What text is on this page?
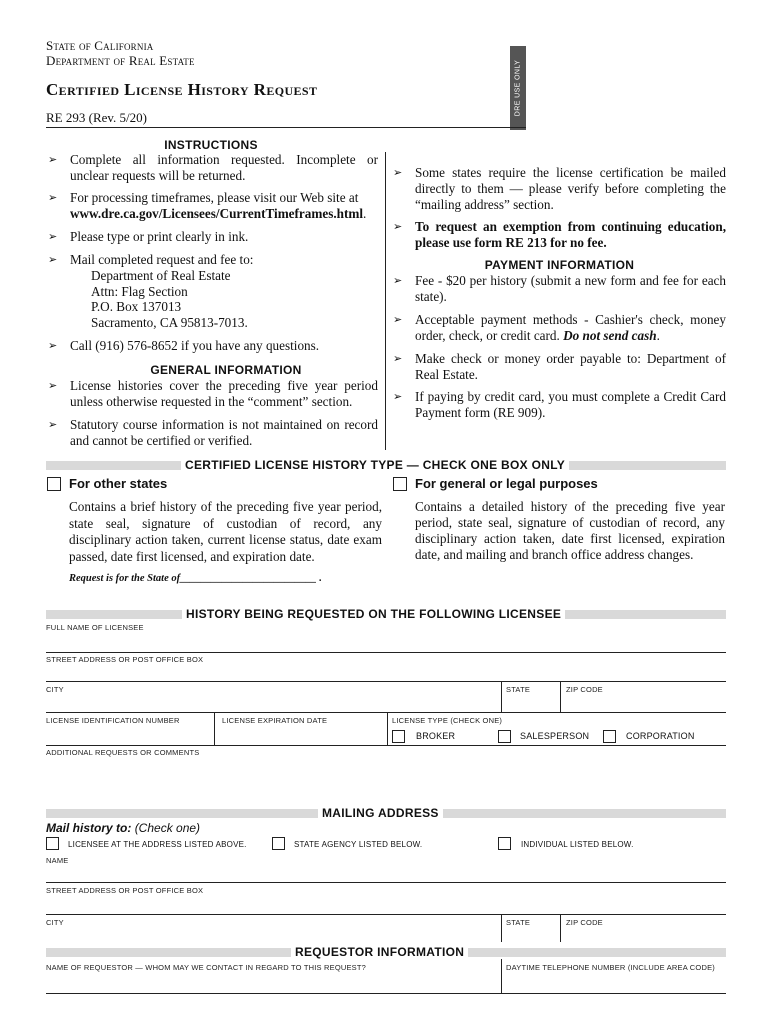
State of California
Department of Real Estate
Certified License History Request
RE 293 (Rev. 5/20)
DRE USE ONLY
INSTRUCTIONS
➢ Complete all information requested. Incomplete or unclear requests will be returned.
➢ For processing timeframes, please visit our Web site at
www.dre.ca.gov/Licensees/CurrentTimeframes.html.
➢ Please type or print clearly in ink.
➢ Mail completed request and fee to:
Department of Real Estate
Attn: Flag Section
P.O. Box 137013
Sacramento, CA 95813-7013.
➢ Call (916) 576-8652 if you have any questions.
GENERAL INFORMATION
➢ License histories cover the preceding five year period unless otherwise requested in the “comment” section.
➢ Statutory course information is not maintained on record and cannot be certified or verified.
➢ Some states require the license certification be mailed directly to them — please verify before completing the “mailing address” section.
➢ To request an exemption from continuing education, please use form RE 213 for no fee.
PAYMENT INFORMATION
➢ Fee - $20 per history (submit a new form and fee for each state).
➢ Acceptable payment methods - Cashier's check, money order, check, or credit card. Do not send cash.
➢ Make check or money order payable to: Department of Real Estate.
➢ If paying by credit card, you must complete a Credit Card Payment form (RE 909).
CERTIFIED LICENSE HISTORY TYPE — CHECK ONE BOX ONLY
For other states
Contains a brief history of the preceding five year period, state seal, signature of custodian of record, any disciplinary action taken, current license status, date exam passed, date first licensed, and expiration date.
For general or legal purposes
Contains a detailed history of the preceding five year period, state seal, signature of custodian of record, any disciplinary action taken, date first licensed, expiration date, and mailing and branch office address changes.
Request is for the State of__________________________ .
HISTORY BEING REQUESTED ON THE FOLLOWING LICENSEE
FULL NAME OF LICENSEE
STREET ADDRESS OR POST OFFICE BOX
CITY	STATE	ZIP CODE
LICENSE IDENTIFICATION NUMBER	LICENSE EXPIRATION DATE	LICENSE TYPE (CHECK ONE)
BROKER	SALESPERSON	CORPORATION
ADDITIONAL REQUESTS OR COMMENTS
MAILING ADDRESS
Mail history to: (Check one)
LICENSEE AT THE ADDRESS LISTED ABOVE.	STATE AGENCY LISTED BELOW.	INDIVIDUAL LISTED BELOW.
NAME
STREET ADDRESS OR POST OFFICE BOX
CITY	STATE	ZIP CODE
REQUESTOR INFORMATION
NAME OF REQUESTOR — WHOM MAY WE CONTACT IN REGARD TO THIS REQUEST?	DAYTIME TELEPHONE NUMBER (INCLUDE AREA CODE)
